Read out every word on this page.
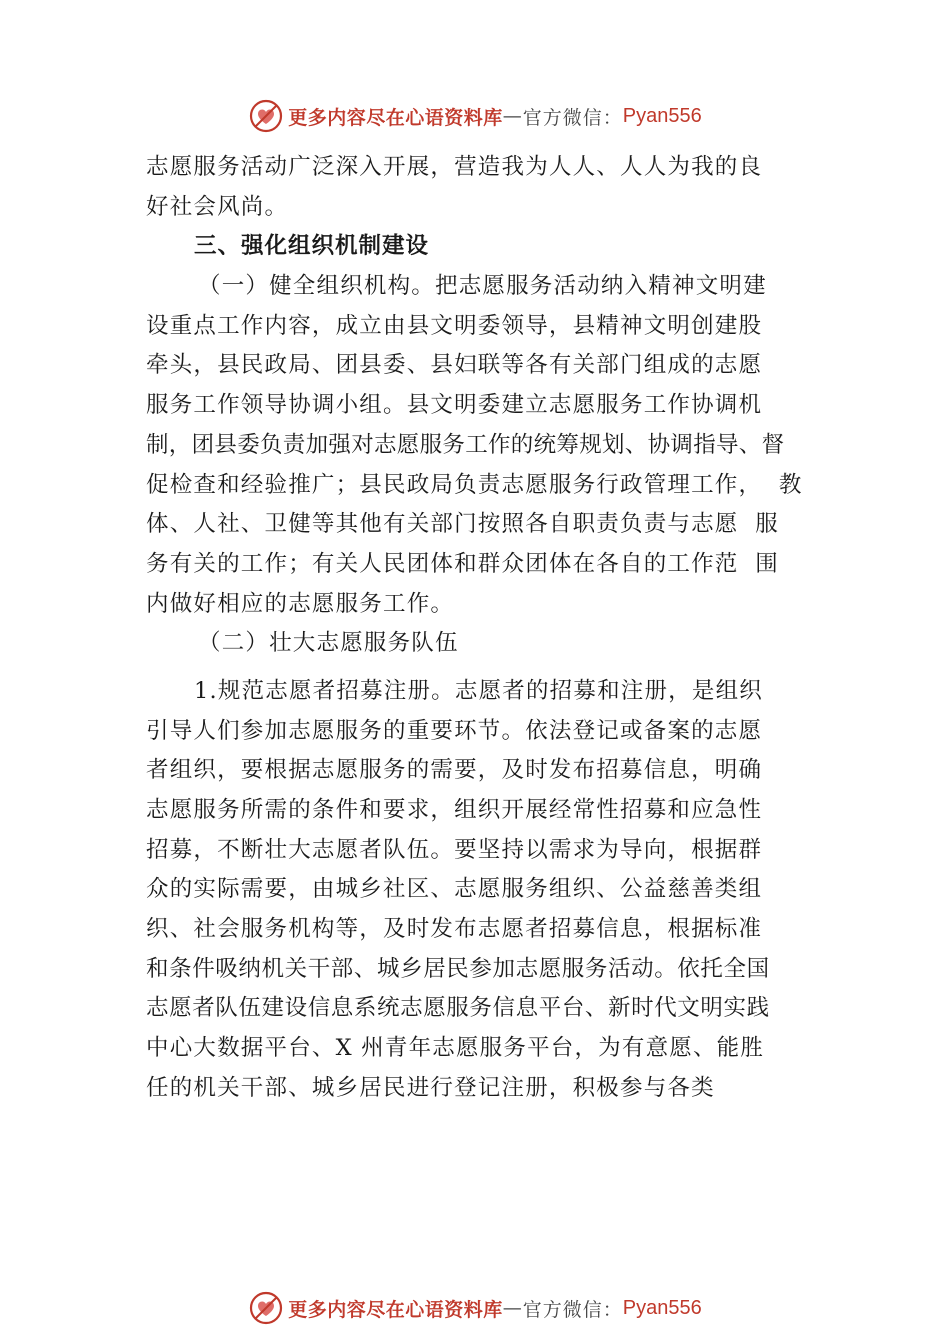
更多内容尽在心语资料库 — 官方微信： Pyan556
志愿服务活动广泛深入开展，营造我为人人、人人为我的良
好社会风尚。
三、强化组织机制建设
（一）健全组织机构。把志愿服务活动纳入精神文明建
设重点工作内容，成立由县文明委领导，县精神文明创建股
牵头，县民政局、团县委、县妇联等各有关部门组成的志愿
服务工作领导协调小组。县文明委建立志愿服务工作协调机
制，团县委负责加强对志愿服务工作的统筹规划、协调指导、督
促检查和经验推广；县民政局负责志愿服务行政管理工作，  教
体、人社、卫健等其他有关部门按照各自职责负责与志愿  服
务有关的工作；有关人民团体和群众团体在各自的工作范  围
内做好相应的志愿服务工作。
（二）壮大志愿服务队伍
1.规范志愿者招募注册。志愿者的招募和注册，是组织
引导人们参加志愿服务的重要环节。依法登记或备案的志愿
者组织，要根据志愿服务的需要，及时发布招募信息，明确
志愿服务所需的条件和要求，组织开展经常性招募和应急性
招募，不断壮大志愿者队伍。要坚持以需求为导向，根据群
众的实际需要，由城乡社区、志愿服务组织、公益慈善类组
织、社会服务机构等，及时发布志愿者招募信息，根据标准
和条件吸纳机关干部、城乡居民参加志愿服务活动。依托全国
志愿者队伍建设信息系统志愿服务信息平台、新时代文明实践
中心大数据平台、X 州青年志愿服务平台，为有意愿、能胜
任的机关干部、城乡居民进行登记注册，积极参与各类
更多内容尽在心语资料库 — 官方微信： Pyan556
